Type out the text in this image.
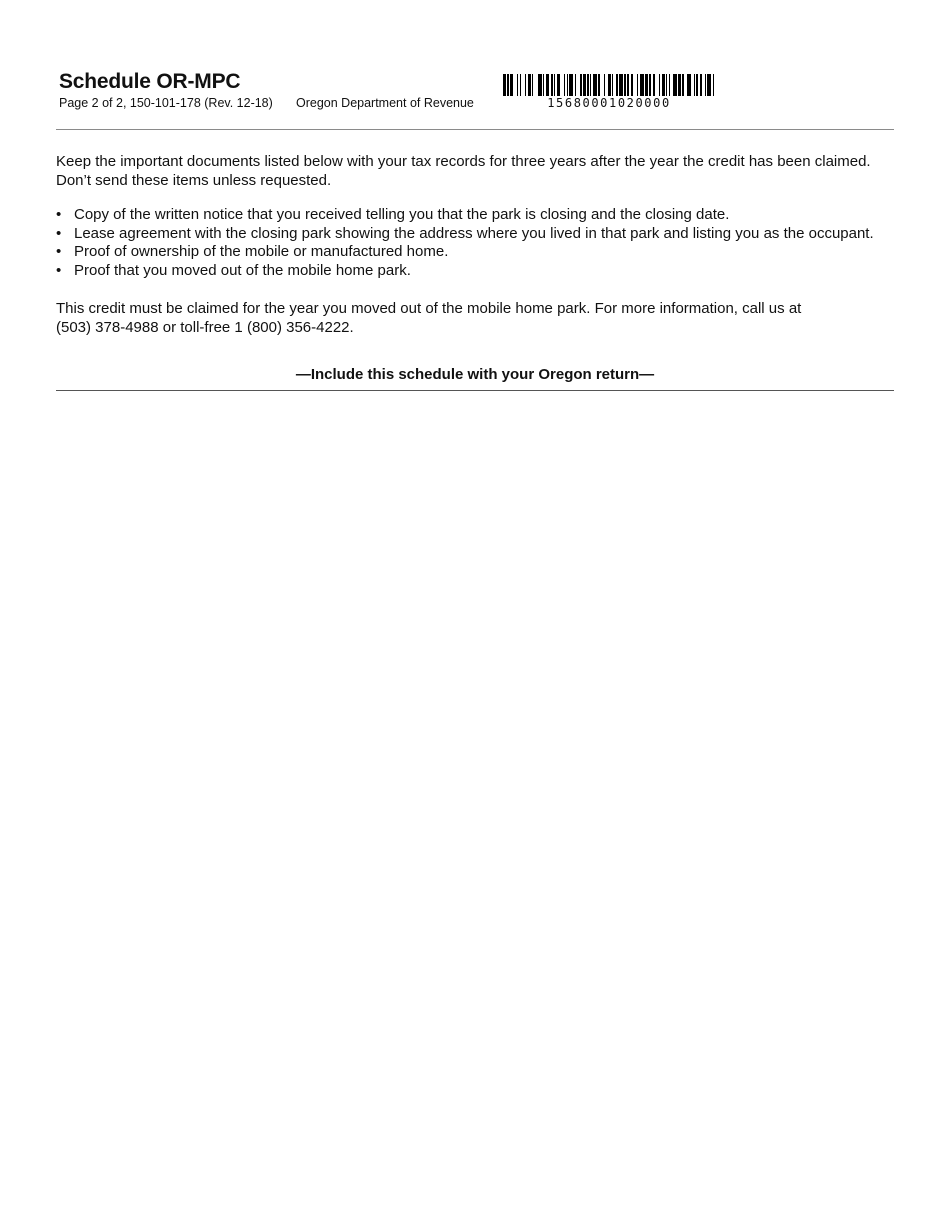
Schedule OR-MPC
Page 2 of 2, 150-101-178 (Rev. 12-18) Oregon Department of Revenue	15680001020000

Keep the important documents listed below with your tax records for three years after the year the credit has been claimed.
Don’t send these items unless requested.

• Copy of the written notice that you received telling you that the park is closing and the closing date.
• Lease agreement with the closing park showing the address where you lived in that park and listing you as the occupant.
• Proof of ownership of the mobile or manufactured home.
• Proof that you moved out of the mobile home park.

This credit must be claimed for the year you moved out of the mobile home park. For more information, call us at
(503) 378-4988 or toll-free 1 (800) 356-4222.

—Include this schedule with your Oregon return—
